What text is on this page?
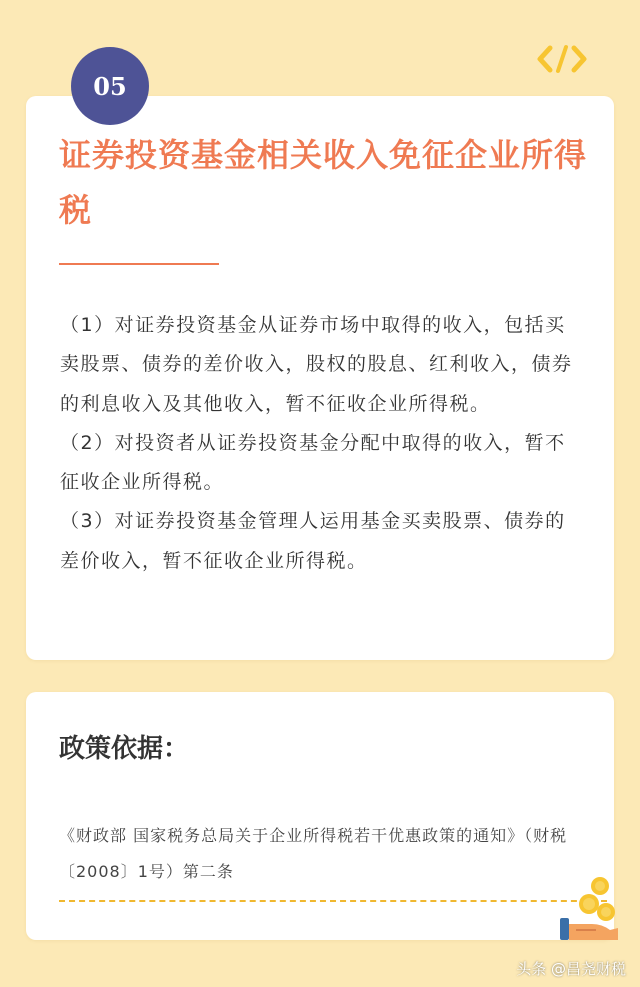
05
证券投资基金相关收入免征企业所得税

（1）对证券投资基金从证券市场中取得的收入，包括买卖股票、债券的差价收入，股权的股息、红利收入，债券的利息收入及其他收入，暂不征收企业所得税。

（2）对投资者从证券投资基金分配中取得的收入，暂不征收企业所得税。

（3）对证券投资基金管理人运用基金买卖股票、债券的差价收入，暂不征收企业所得税。

政策依据：

《财政部 国家税务总局关于企业所得税若干优惠政策的通知》（财税〔2008〕1号）第二条

头条 @昌尧财税
